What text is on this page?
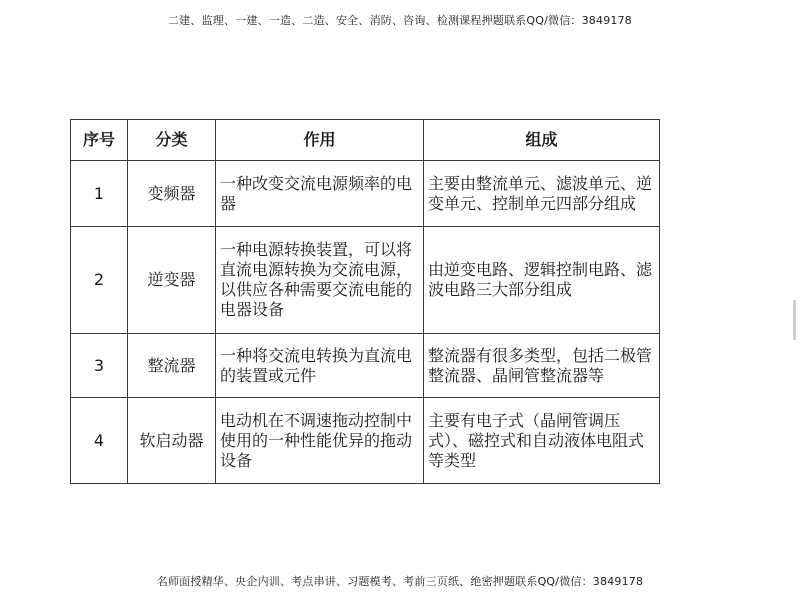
二建、监理、一建、一造、二造、安全、消防、咨询、检测课程押题联系QQ/微信：3849178
序号	分类	作用	组成
1	变频器	一种改变交流电源频率的电器	主要由整流单元、滤波单元、逆变单元、控制单元四部分组成
2	逆变器	一种电源转换装置，可以将直流电源转换为交流电源，以供应各种需要交流电能的电器设备	由逆变电路、逻辑控制电路、滤波电路三大部分组成
3	整流器	一种将交流电转换为直流电的装置或元件	整流器有很多类型，包括二极管整流器、晶闸管整流器等
4	软启动器	电动机在不调速拖动控制中使用的一种性能优异的拖动设备	主要有电子式（晶闸管调压式）、磁控式和自动液体电阻式等类型
名师面授精华、央企内训、考点串讲、习题模考、考前三页纸、绝密押题联系QQ/微信：3849178
